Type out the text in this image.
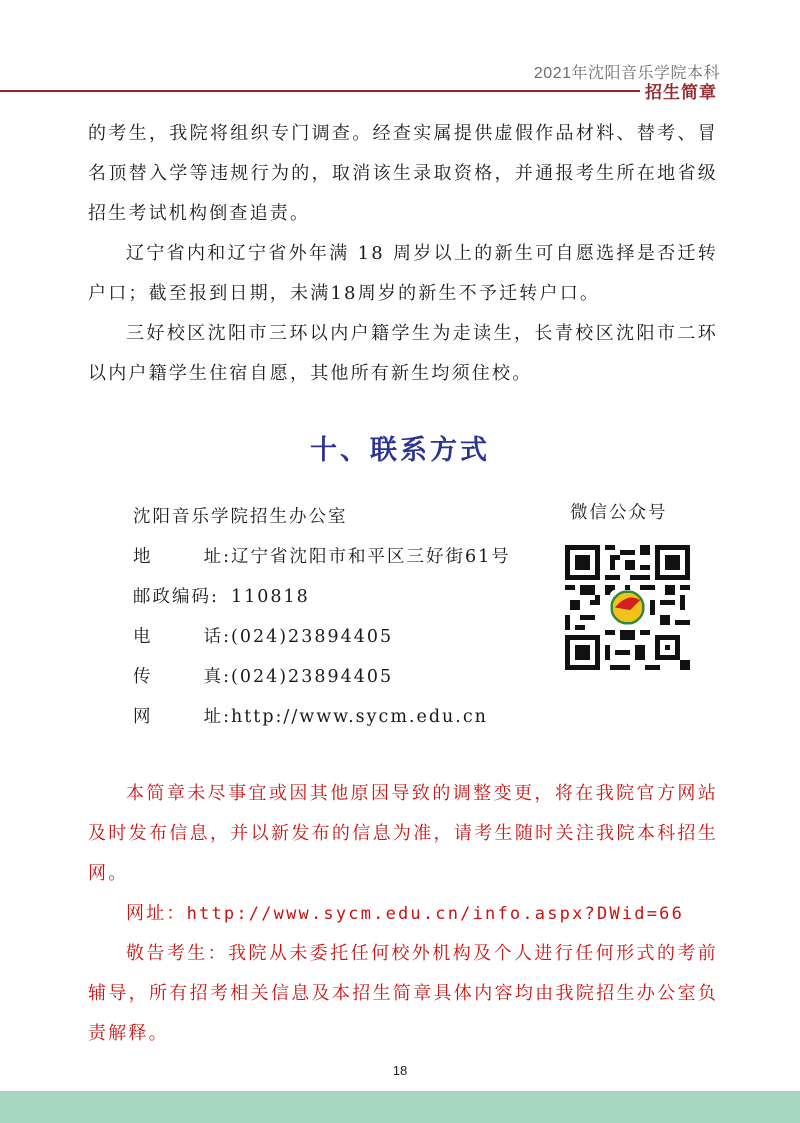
2021年沈阳音乐学院本科
招生简章
的考生，我院将组织专门调查。经查实属提供虚假作品材料、替考、冒名顶替入学等违规行为的，取消该生录取资格，并通报考生所在地省级招生考试机构倒查追责。
辽宁省内和辽宁省外年满 18 周岁以上的新生可自愿选择是否迁转户口；截至报到日期，未满18周岁的新生不予迁转户口。
三好校区沈阳市三环以内户籍学生为走读生，长青校区沈阳市二环以内户籍学生住宿自愿，其他所有新生均须住校。
十、联系方式
沈阳音乐学院招生办公室
地	址: 辽宁省沈阳市和平区三好街61号
邮政编码: 110818
电	话: (024)23894405
传	真: (024)23894405
网	址: http://www.sycm.edu.cn
微信公众号
本简章未尽事宜或因其他原因导致的调整变更，将在我院官方网站及时发布信息，并以新发布的信息为准，请考生随时关注我院本科招生网。
网址：http://www.sycm.edu.cn/info.aspx?DWid=66
敬告考生：我院从未委托任何校外机构及个人进行任何形式的考前辅导，所有招考相关信息及本招生简章具体内容均由我院招生办公室负责解释。
18
